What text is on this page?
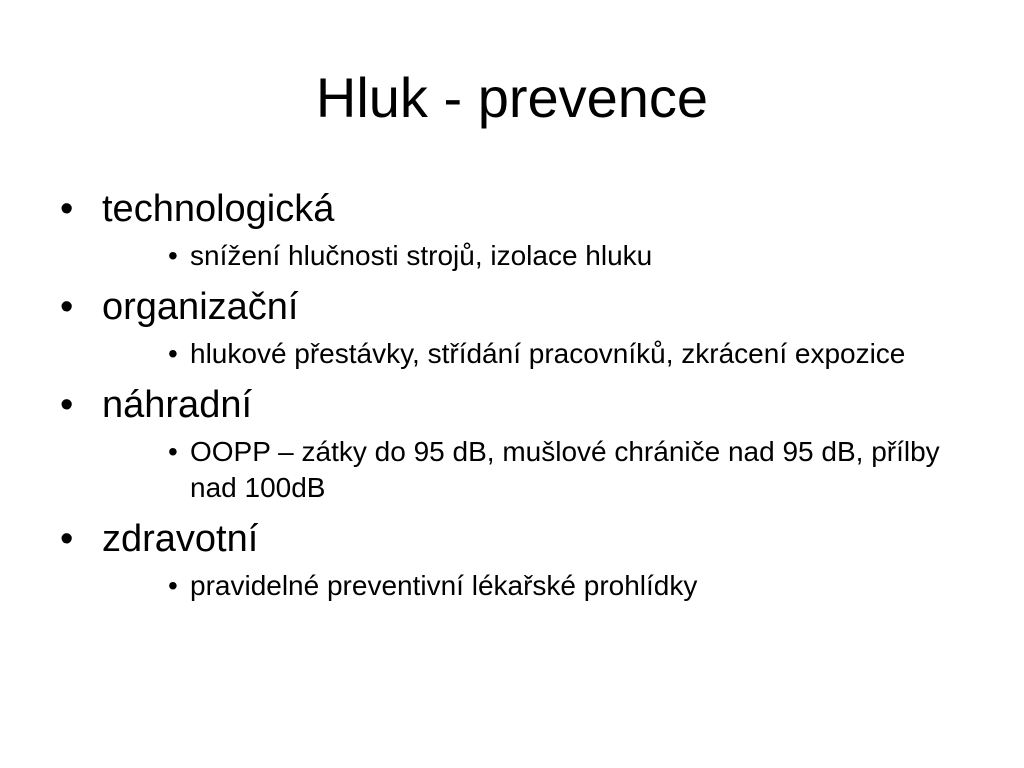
Hluk - prevence
• technologická
• snížení hlučnosti strojů, izolace hluku
• organizační
• hlukové přestávky, střídání pracovníků, zkrácení expozice
• náhradní
• OOPP – zátky do 95 dB, mušlové chrániče nad 95 dB, přílby nad 100dB
• zdravotní
• pravidelné preventivní lékařské prohlídky
